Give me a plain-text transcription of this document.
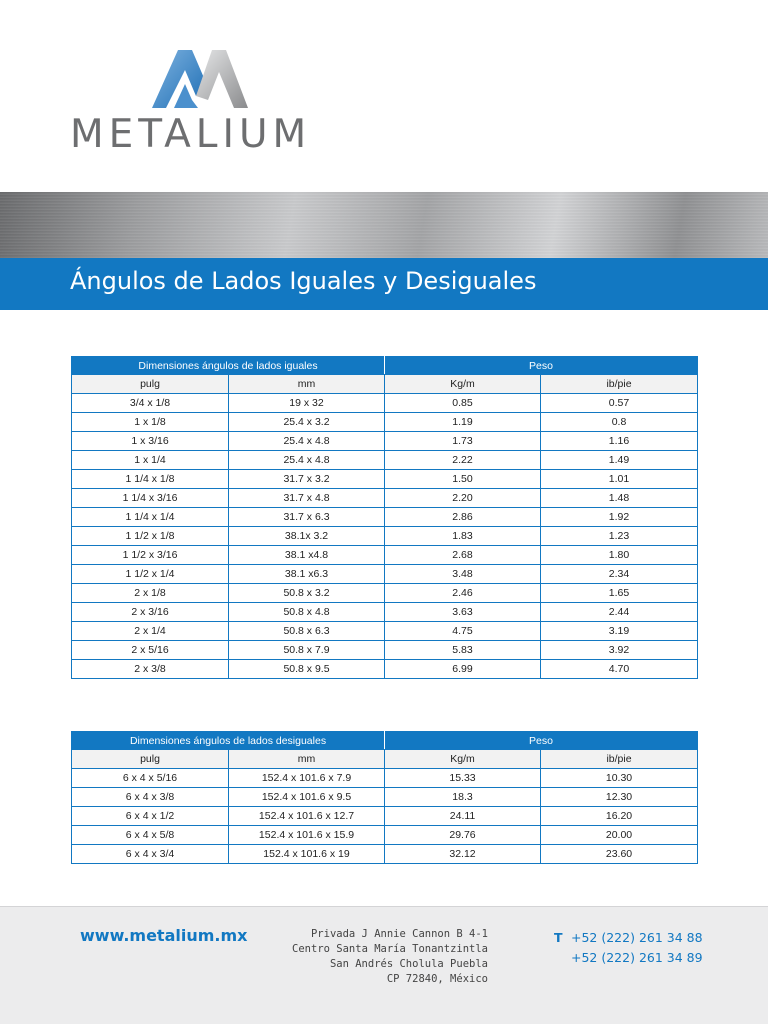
METALIUM
Ángulos de Lados Iguales y Desiguales
Dimensiones ángulos de lados iguales		Peso	
pulg	mm	Kg/m	ib/pie
3/4 x 1/8	19 x 32	0.85	0.57
1 x 1/8	25.4 x 3.2	1.19	0.8
1 x 3/16	25.4 x 4.8	1.73	1.16
1 x 1/4	25.4 x 4.8	2.22	1.49
1 1/4 x 1/8	31.7 x 3.2	1.50	1.01
1 1/4 x 3/16	31.7 x 4.8	2.20	1.48
1 1/4 x 1/4	31.7 x 6.3	2.86	1.92
1 1/2 x 1/8	38.1x 3.2	1.83	1.23
1 1/2 x 3/16	38.1 x4.8	2.68	1.80
1 1/2 x 1/4	38.1 x6.3	3.48	2.34
2 x 1/8	50.8 x 3.2	2.46	1.65
2 x 3/16	50.8 x 4.8	3.63	2.44
2 x 1/4	50.8 x 6.3	4.75	3.19
2 x 5/16	50.8 x 7.9	5.83	3.92
2 x 3/8	50.8 x 9.5	6.99	4.70
Dimensiones ángulos de lados desiguales		Peso	
pulg	mm	Kg/m	ib/pie
6 x 4 x 5/16	152.4 x 101.6 x 7.9	15.33	10.30
6 x 4 x 3/8	152.4 x 101.6 x 9.5	18.3	12.30
6 x 4 x 1/2	152.4 x 101.6 x 12.7	24.11	16.20
6 x 4 x 5/8	152.4 x 101.6 x 15.9	29.76	20.00
6 x 4 x 3/4	152.4 x 101.6 x 19	32.12	23.60
www.metalium.mx	Privada J Annie Cannon B 4-1
Centro Santa María Tonantzintla
San Andrés Cholula Puebla
CP 72840, México
T +52 (222) 261 34 88
+52 (222) 261 34 89
